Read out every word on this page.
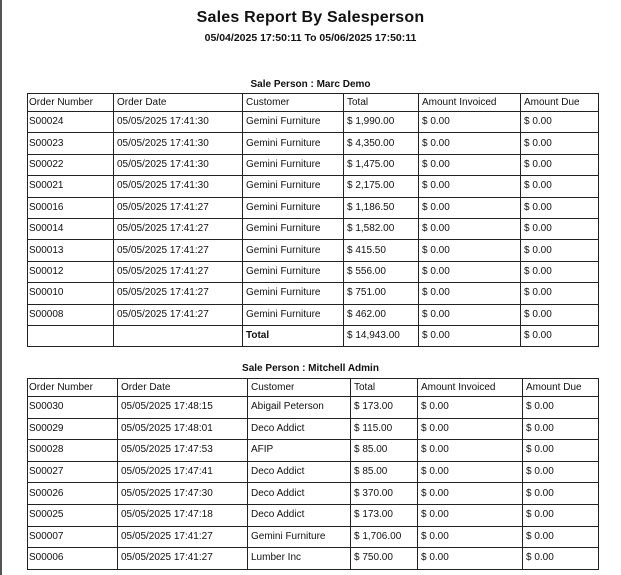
Sales Report By Salesperson
05/04/2025 17:50:11 To 05/06/2025 17:50:11
Sale Person : Marc Demo
Order Number	Order Date	Customer	Total	Amount Invoiced	Amount Due
S00024	05/05/2025 17:41:30	Gemini Furniture	$ 1,990.00	$ 0.00	$ 0.00
S00023	05/05/2025 17:41:30	Gemini Furniture	$ 4,350.00	$ 0.00	$ 0.00
S00022	05/05/2025 17:41:30	Gemini Furniture	$ 1,475.00	$ 0.00	$ 0.00
S00021	05/05/2025 17:41:30	Gemini Furniture	$ 2,175.00	$ 0.00	$ 0.00
S00016	05/05/2025 17:41:27	Gemini Furniture	$ 1,186.50	$ 0.00	$ 0.00
S00014	05/05/2025 17:41:27	Gemini Furniture	$ 1,582.00	$ 0.00	$ 0.00
S00013	05/05/2025 17:41:27	Gemini Furniture	$ 415.50	$ 0.00	$ 0.00
S00012	05/05/2025 17:41:27	Gemini Furniture	$ 556.00	$ 0.00	$ 0.00
S00010	05/05/2025 17:41:27	Gemini Furniture	$ 751.00	$ 0.00	$ 0.00
S00008	05/05/2025 17:41:27	Gemini Furniture	$ 462.00	$ 0.00	$ 0.00
		Total	$ 14,943.00	$ 0.00	$ 0.00
Sale Person : Mitchell Admin
Order Number	Order Date	Customer	Total	Amount Invoiced	Amount Due
S00030	05/05/2025 17:48:15	Abigail Peterson	$ 173.00	$ 0.00	$ 0.00
S00029	05/05/2025 17:48:01	Deco Addict	$ 115.00	$ 0.00	$ 0.00
S00028	05/05/2025 17:47:53	AFIP	$ 85.00	$ 0.00	$ 0.00
S00027	05/05/2025 17:47:41	Deco Addict	$ 85.00	$ 0.00	$ 0.00
S00026	05/05/2025 17:47:30	Deco Addict	$ 370.00	$ 0.00	$ 0.00
S00025	05/05/2025 17:47:18	Deco Addict	$ 173.00	$ 0.00	$ 0.00
S00007	05/05/2025 17:41:27	Gemini Furniture	$ 1,706.00	$ 0.00	$ 0.00
S00006	05/05/2025 17:41:27	Lumber Inc	$ 750.00	$ 0.00	$ 0.00
